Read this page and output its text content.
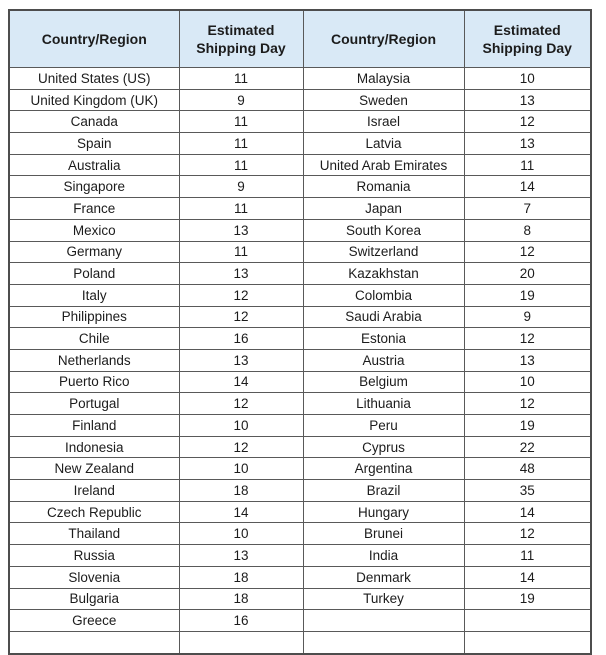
Country/Region	Estimated Shipping Day	Country/Region	Estimated Shipping Day
United States (US)	11	Malaysia	10
United Kingdom (UK)	9	Sweden	13
Canada	11	Israel	12
Spain	11	Latvia	13
Australia	11	United Arab Emirates	11
Singapore	9	Romania	14
France	11	Japan	7
Mexico	13	South Korea	8
Germany	11	Switzerland	12
Poland	13	Kazakhstan	20
Italy	12	Colombia	19
Philippines	12	Saudi Arabia	9
Chile	16	Estonia	12
Netherlands	13	Austria	13
Puerto Rico	14	Belgium	10
Portugal	12	Lithuania	12
Finland	10	Peru	19
Indonesia	12	Cyprus	22
New Zealand	10	Argentina	48
Ireland	18	Brazil	35
Czech Republic	14	Hungary	14
Thailand	10	Brunei	12
Russia	13	India	11
Slovenia	18	Denmark	14
Bulgaria	18	Turkey	19
Greece	16		
